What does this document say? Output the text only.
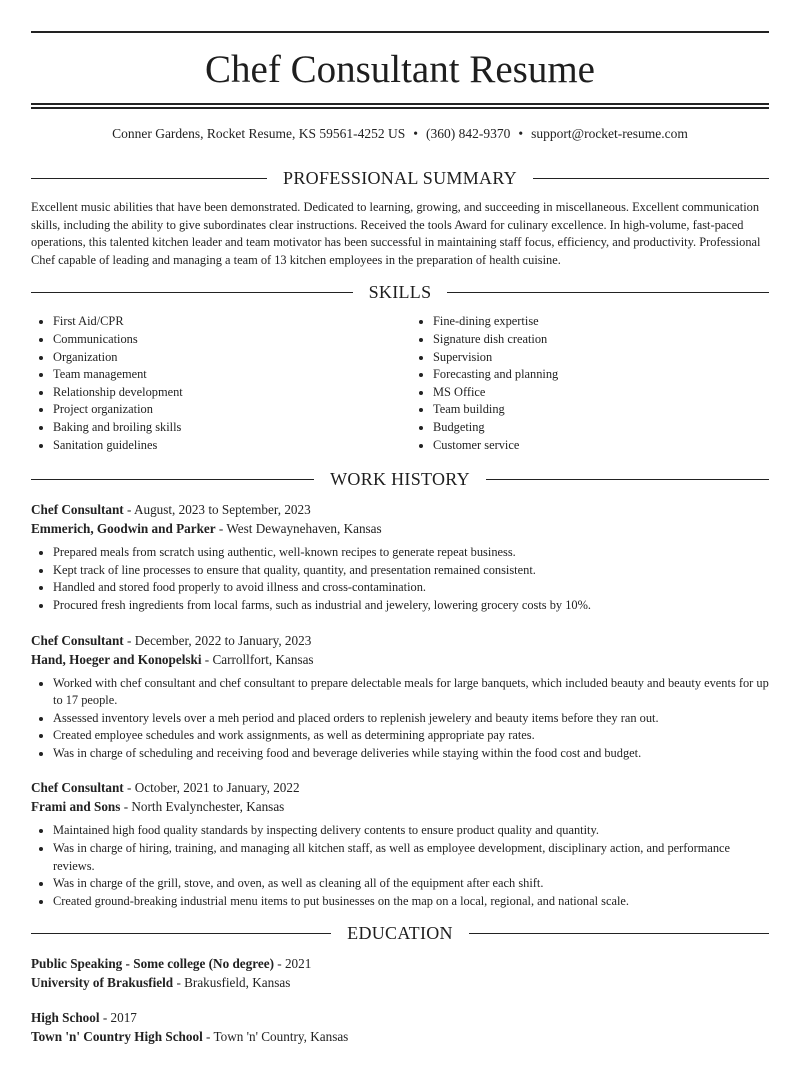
Chef Consultant Resume
Conner Gardens, Rocket Resume, KS 59561-4252 US • (360) 842-9370 • support@rocket-resume.com
PROFESSIONAL SUMMARY
Excellent music abilities that have been demonstrated. Dedicated to learning, growing, and succeeding in miscellaneous. Excellent communication skills, including the ability to give subordinates clear instructions. Received the tools Award for culinary excellence. In high-volume, fast-paced operations, this talented kitchen leader and team motivator has been successful in maintaining staff focus, efficiency, and productivity. Professional Chef capable of leading and managing a team of 13 kitchen employees in the preparation of health cuisine.
SKILLS
• First Aid/CPR
• Communications
• Organization
• Team management
• Relationship development
• Project organization
• Baking and broiling skills
• Sanitation guidelines
• Fine-dining expertise
• Signature dish creation
• Supervision
• Forecasting and planning
• MS Office
• Team building
• Budgeting
• Customer service
WORK HISTORY
Chef Consultant - August, 2023 to September, 2023
Emmerich, Goodwin and Parker - West Dewaynehaven, Kansas
• Prepared meals from scratch using authentic, well-known recipes to generate repeat business.
• Kept track of line processes to ensure that quality, quantity, and presentation remained consistent.
• Handled and stored food properly to avoid illness and cross-contamination.
• Procured fresh ingredients from local farms, such as industrial and jewelery, lowering grocery costs by 10%.
Chef Consultant - December, 2022 to January, 2023
Hand, Hoeger and Konopelski - Carrollfort, Kansas
• Worked with chef consultant and chef consultant to prepare delectable meals for large banquets, which included beauty and beauty events for up to 17 people.
• Assessed inventory levels over a meh period and placed orders to replenish jewelery and beauty items before they ran out.
• Created employee schedules and work assignments, as well as determining appropriate pay rates.
• Was in charge of scheduling and receiving food and beverage deliveries while staying within the food cost and budget.
Chef Consultant - October, 2021 to January, 2022
Frami and Sons - North Evalynchester, Kansas
• Maintained high food quality standards by inspecting delivery contents to ensure product quality and quantity.
• Was in charge of hiring, training, and managing all kitchen staff, as well as employee development, disciplinary action, and performance reviews.
• Was in charge of the grill, stove, and oven, as well as cleaning all of the equipment after each shift.
• Created ground-breaking industrial menu items to put businesses on the map on a local, regional, and national scale.
EDUCATION
Public Speaking - Some college (No degree) - 2021
University of Brakusfield - Brakusfield, Kansas
High School - 2017
Town 'n' Country High School - Town 'n' Country, Kansas
